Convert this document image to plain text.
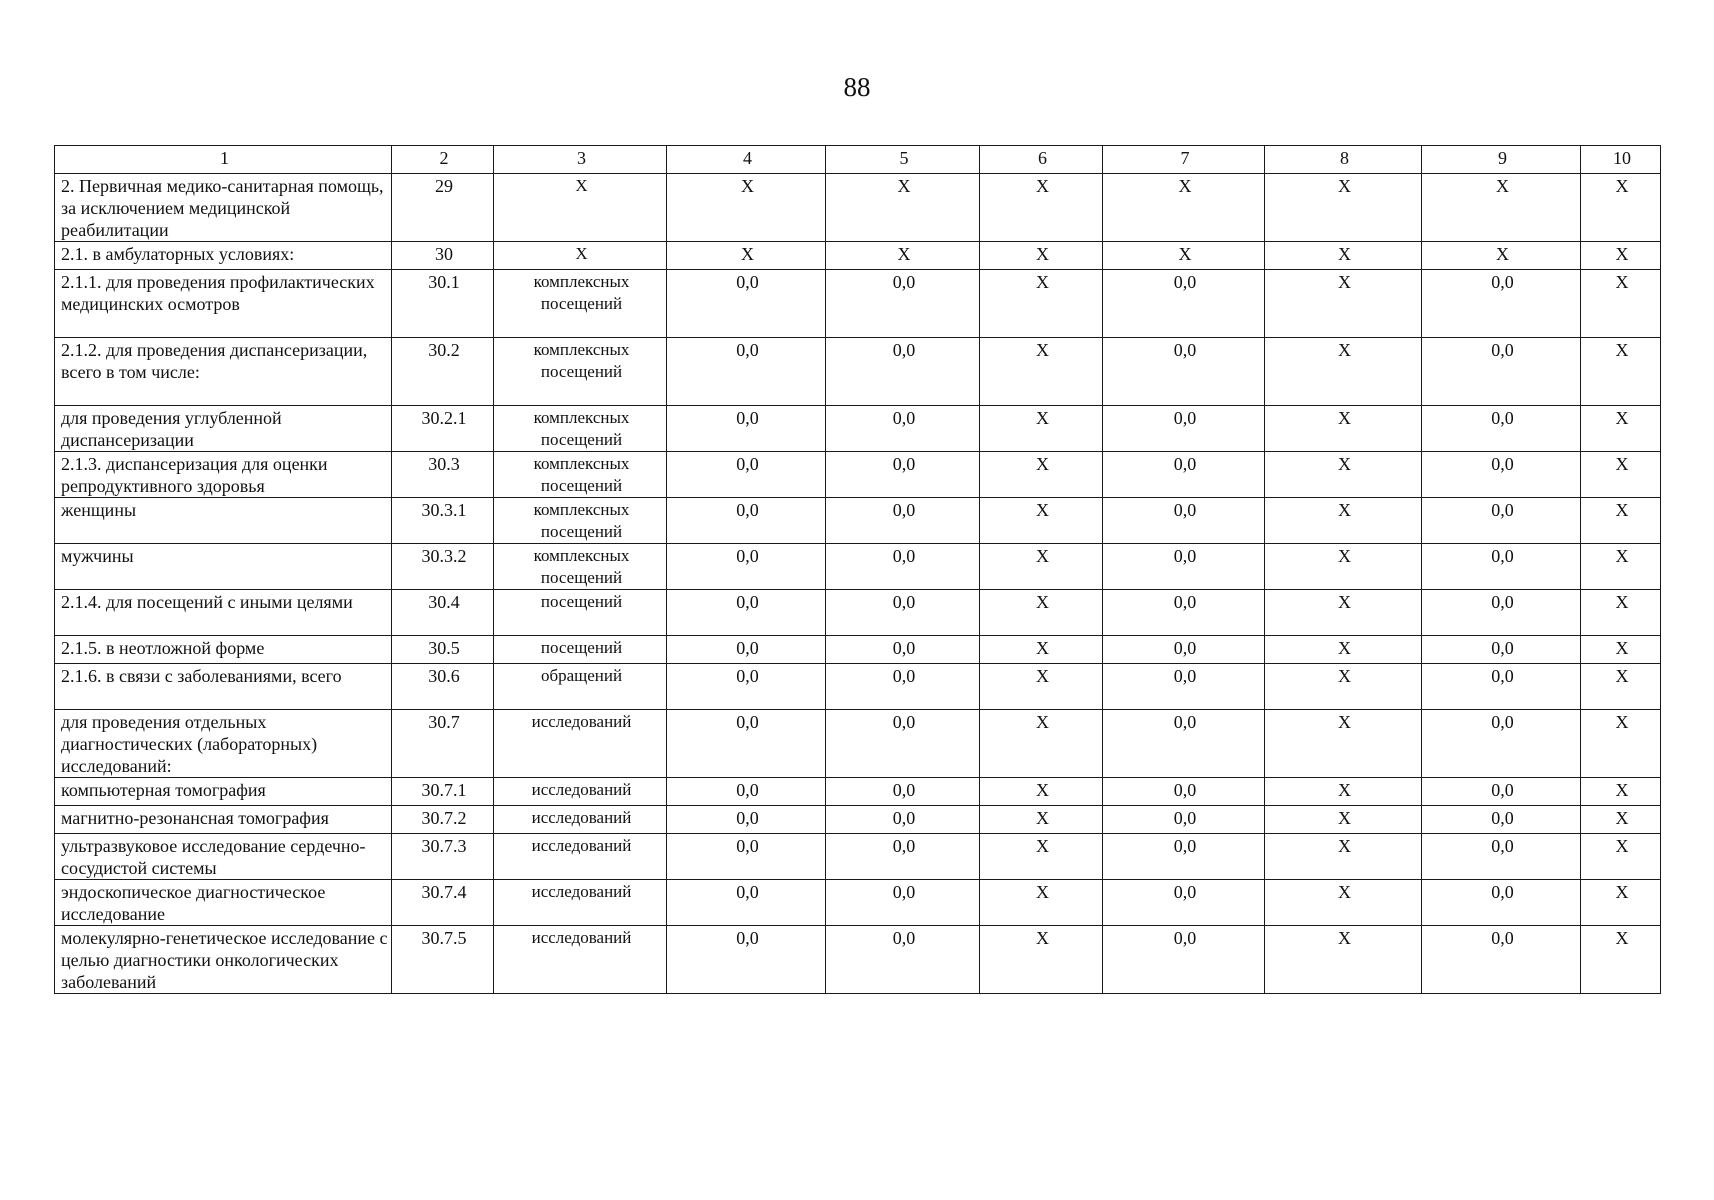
88
1	2	3	4	5	6	7	8	9	10
2. Первичная медико-санитарная помощь, за исключением медицинской реабилитации	29	Х	Х	Х	Х	Х	Х	Х	Х
2.1. в амбулаторных условиях:	30	Х	Х	Х	Х	Х	Х	Х	Х
2.1.1. для проведения профилактических медицинских осмотров	30.1	комплексных посещений	0,0	0,0	Х	0,0	Х	0,0	Х
2.1.2. для проведения диспансеризации, всего в том числе:	30.2	комплексных посещений	0,0	0,0	Х	0,0	Х	0,0	Х
для проведения углубленной диспансеризации	30.2.1	комплексных посещений	0,0	0,0	Х	0,0	Х	0,0	Х
2.1.3. диспансеризация для оценки репродуктивного здоровья	30.3	комплексных посещений	0,0	0,0	Х	0,0	Х	0,0	Х
женщины	30.3.1	комплексных посещений	0,0	0,0	Х	0,0	Х	0,0	Х
мужчины	30.3.2	комплексных посещений	0,0	0,0	Х	0,0	Х	0,0	Х
2.1.4. для посещений с иными целями	30.4	посещений	0,0	0,0	Х	0,0	Х	0,0	Х
2.1.5. в неотложной форме	30.5	посещений	0,0	0,0	Х	0,0	Х	0,0	Х
2.1.6. в связи с заболеваниями, всего	30.6	обращений	0,0	0,0	Х	0,0	Х	0,0	Х
для проведения отдельных диагностических (лабораторных) исследований:	30.7	исследований	0,0	0,0	Х	0,0	Х	0,0	Х
компьютерная томография	30.7.1	исследований	0,0	0,0	Х	0,0	Х	0,0	Х
магнитно-резонансная томография	30.7.2	исследований	0,0	0,0	Х	0,0	Х	0,0	Х
ультразвуковое исследование сердечно-сосудистой системы	30.7.3	исследований	0,0	0,0	Х	0,0	Х	0,0	Х
эндоскопическое диагностическое исследование	30.7.4	исследований	0,0	0,0	Х	0,0	Х	0,0	Х
молекулярно-генетическое исследование с целью диагностики онкологических заболеваний	30.7.5	исследований	0,0	0,0	Х	0,0	Х	0,0	Х
